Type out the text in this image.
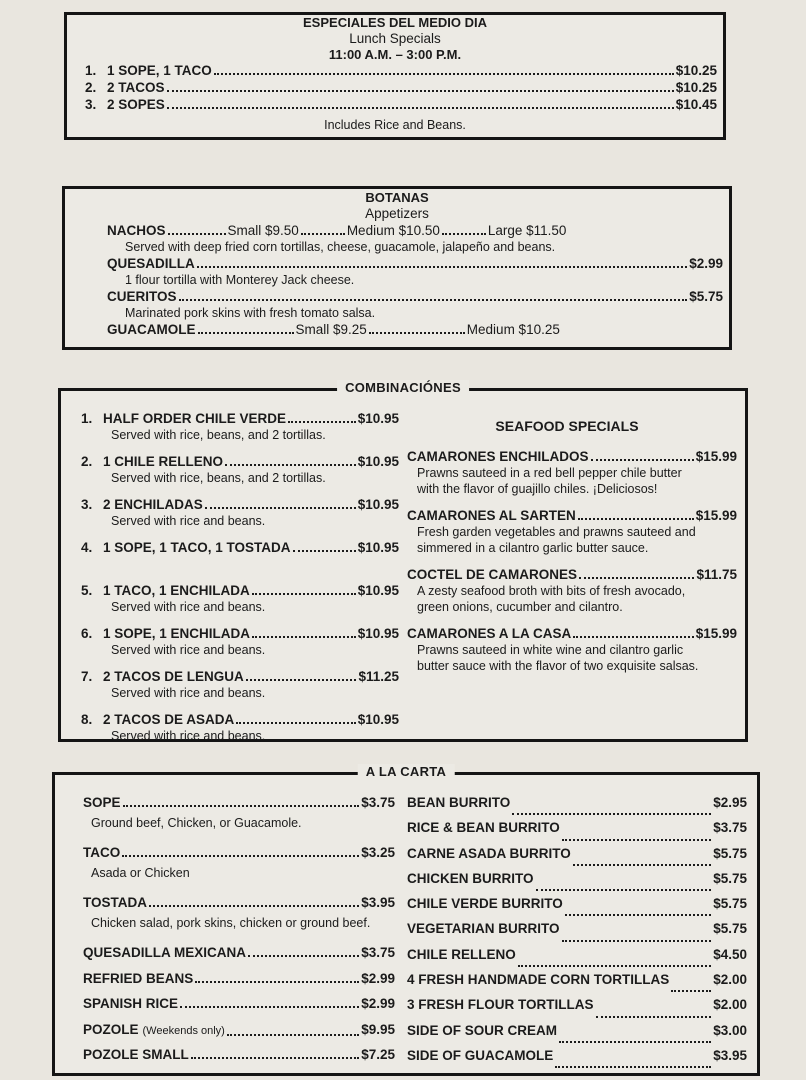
ESPECIALES DEL MEDIO DIA
Lunch Specials
11:00 A.M. – 3:00 P.M.
1. 1 SOPE, 1 TACO	$10.25
2. 2 TACOS	$10.25
3. 2 SOPES	$10.45
Includes Rice and Beans.
BOTANAS
Appetizers
NACHOS	Small $9.50	Medium $10.50	Large $11.50
Served with deep fried corn tortillas, cheese, guacamole, jalapeño and beans.
QUESADILLA	$2.99
1 flour tortilla with Monterey Jack cheese.
CUERITOS	$5.75
Marinated pork skins with fresh tomato salsa.
GUACAMOLE	Small $9.25	Medium $10.25
COMBINACIÓNES
1. HALF ORDER CHILE VERDE	$10.95
Served with rice, beans, and 2 tortillas.
2. 1 CHILE RELLENO	$10.95
Served with rice, beans, and 2 tortillas.
3. 2 ENCHILADAS	$10.95
Served with rice and beans.
4. 1 SOPE, 1 TACO, 1 TOSTADA	$10.95
5. 1 TACO, 1 ENCHILADA	$10.95
Served with rice and beans.
6. 1 SOPE, 1 ENCHILADA	$10.95
Served with rice and beans.
7. 2 TACOS DE LENGUA	$11.25
Served with rice and beans.
8. 2 TACOS DE ASADA	$10.95
Served with rice and beans.
SEAFOOD SPECIALS
CAMARONES ENCHILADOS	$15.99
Prawns sauteed in a red bell pepper chile butter
with the flavor of guajillo chiles. ¡Deliciosos!
CAMARONES AL SARTEN	$15.99
Fresh garden vegetables and prawns sauteed and
simmered in a cilantro garlic butter sauce.
COCTEL DE CAMARONES	$11.75
A zesty seafood broth with bits of fresh avocado,
green onions, cucumber and cilantro.
CAMARONES A LA CASA	$15.99
Prawns sauteed in white wine and cilantro garlic
butter sauce with the flavor of two exquisite salsas.
A LA CARTA
SOPE	$3.75
Ground beef, Chicken, or Guacamole.
TACO	$3.25
Asada or Chicken
TOSTADA	$3.95
Chicken salad, pork skins, chicken or ground beef.
QUESADILLA MEXICANA	$3.75
REFRIED BEANS	$2.99
SPANISH RICE	$2.99
POZOLE (Weekends only)	$9.95
POZOLE SMALL	$7.25
BEAN BURRITO	$2.95
RICE & BEAN BURRITO	$3.75
CARNE ASADA BURRITO	$5.75
CHICKEN BURRITO	$5.75
CHILE VERDE BURRITO	$5.75
VEGETARIAN BURRITO	$5.75
CHILE RELLENO	$4.50
4 FRESH HANDMADE CORN TORTILLAS	$2.00
3 FRESH FLOUR TORTILLAS	$2.00
SIDE OF SOUR CREAM	$3.00
SIDE OF GUACAMOLE	$3.95
